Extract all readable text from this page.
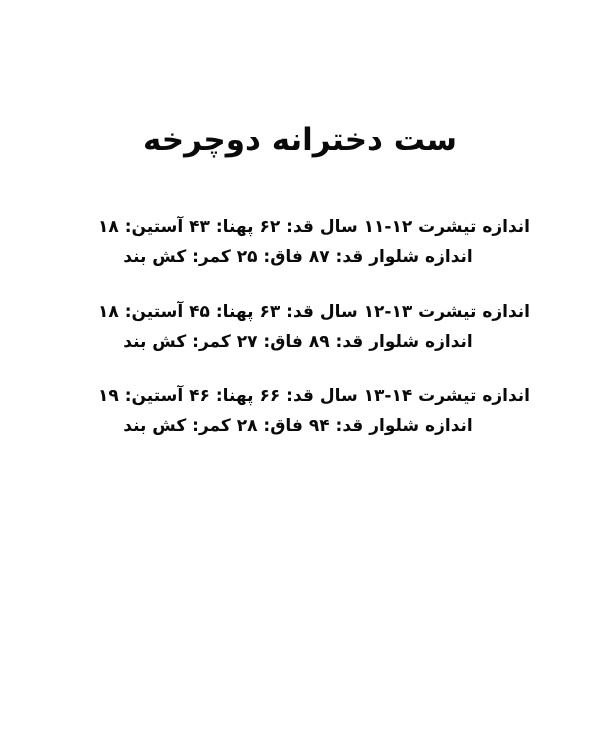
ست دخترانه دوچرخه
اندازه تیشرت ۱۲-۱۱ سال قد: ۶۲ پهنا: ۴۳ آستین: ۱۸
اندازه شلوار قد: ۸۷ فاق: ۲۵ کمر: کش بند
اندازه تیشرت ۱۳-۱۲ سال قد: ۶۳ پهنا: ۴۵ آستین: ۱۸
اندازه شلوار قد: ۸۹ فاق: ۲۷ کمر: کش بند
اندازه تیشرت ۱۴-۱۳ سال قد: ۶۶ پهنا: ۴۶ آستین: ۱۹
اندازه شلوار قد: ۹۴ فاق: ۲۸ کمر: کش بند
